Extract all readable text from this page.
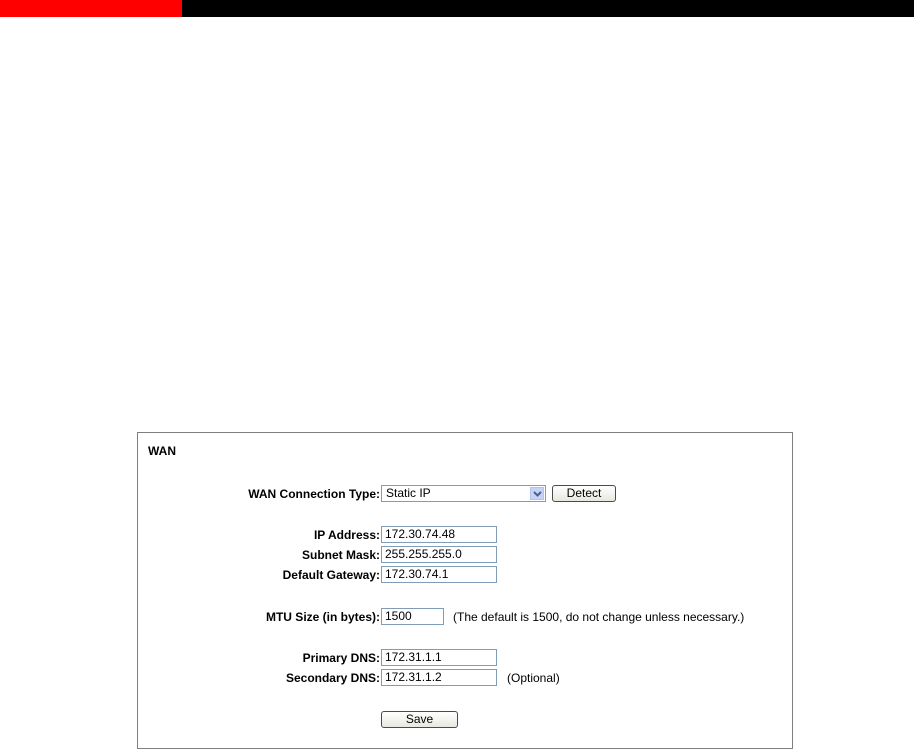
WAN
WAN Connection Type: Static IP	Detect
IP Address: 172.30.74.48
Subnet Mask: 255.255.255.0
Default Gateway: 172.30.74.1
MTU Size (in bytes): 1500	(The default is 1500, do not change unless necessary.)
Primary DNS: 172.31.1.1
Secondary DNS: 172.31.1.2	(Optional)
Save
